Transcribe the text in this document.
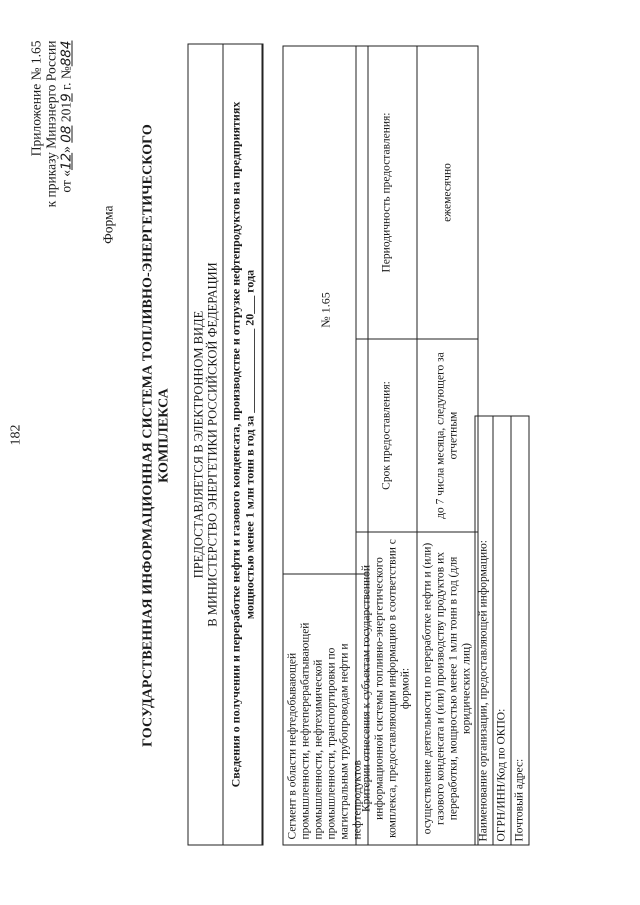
182
Приложение № 1.65 к приказу Минэнерго России от «12» 08 2019 г. №884
Форма ГОСУДАРСТВЕННАЯ ИНФОРМАЦИОННАЯ СИСТЕМА ТОПЛИВНО-ЭНЕРГЕТИЧЕСКОГО КОМПЛЕКСА ПРЕДОСТАВЛЯЕТСЯ В ЭЛЕКТРОННОМ ВИДЕ В МИНИСТЕРСТВО ЭНЕРГЕТИКИ РОССИЙСКОЙ ФЕДЕРАЦИИ Сведения о получении и переработке нефти и газового конденсата, производстве и отгрузке нефтепродуктов на предприятиях мощностью менее 1 млн тонн в год за ______________ 20___ года
Сегмент в области нефтедобывающей промышленности, нефтеперерабатывающей промышленности, нефтехимической промышленности, транспортировки по магистральным трубопроводам нефти и нефтепродуктов	№ 1.65
Критерии отнесения к субъектам государственной информационной системы топливно-энергетического комплекса, предоставляющим информацию в соответствии с формой:	Срок предоставления:	Периодичность предоставления:
осуществление деятельности по переработке нефти и (или) газового конденсата и (или) производству продуктов их переработки, мощностью менее 1 млн тонн в год (для юридических лиц)	до 7 числа месяца, следующего за отчетным	ежемесячно
Наименование организации, предоставляющей информацию:
ОГРН/ИНН/Код по ОКПО:
Почтовый адрес:
